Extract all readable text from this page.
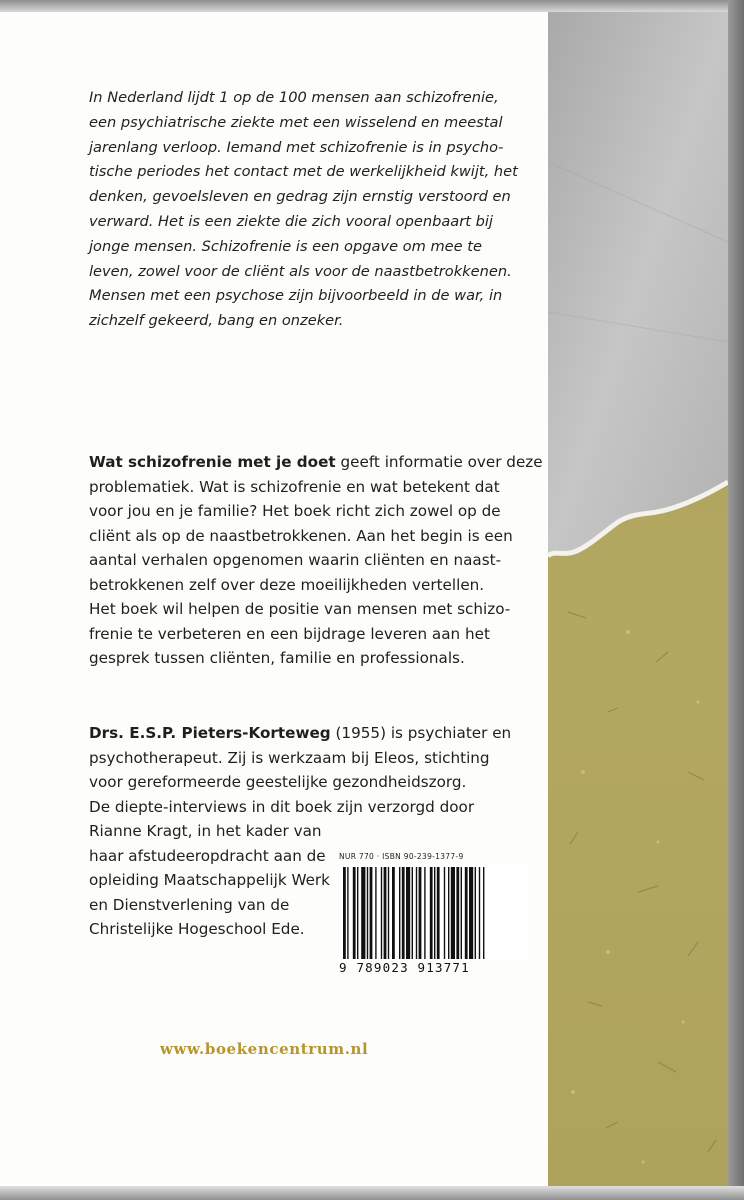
In Nederland lijdt 1 op de 100 mensen aan schizofrenie,
een psychiatrische ziekte met een wisselend en meestal
jarenlang verloop. Iemand met schizofrenie is in psycho-
tische periodes het contact met de werkelijkheid kwijt, het
denken, gevoelsleven en gedrag zijn ernstig verstoord en
verward. Het is een ziekte die zich vooral openbaart bij
jonge mensen. Schizofrenie is een opgave om mee te
leven, zowel voor de cliënt als voor de naastbetrokkenen.
Mensen met een psychose zijn bijvoorbeeld in de war, in
zichzelf gekeerd, bang en onzeker.
Wat schizofrenie met je doet geeft informatie over deze
problematiek. Wat is schizofrenie en wat betekent dat
voor jou en je familie? Het boek richt zich zowel op de
cliënt als op de naastbetrokkenen. Aan het begin is een
aantal verhalen opgenomen waarin cliënten en naast-
betrokkenen zelf over deze moeilijkheden vertellen.
Het boek wil helpen de positie van mensen met schizo-
frenie te verbeteren en een bijdrage leveren aan het
gesprek tussen cliënten, familie en professionals.
Drs. E.S.P. Pieters-Korteweg (1955) is psychiater en
psychotherapeut. Zij is werkzaam bij Eleos, stichting
voor gereformeerde geestelijke gezondheidszorg.
De diepte-interviews in dit boek zijn verzorgd door
Rianne Kragt, in het kader van
haar afstudeeropdracht aan de
opleiding Maatschappelijk Werk
en Dienstverlening van de
Christelijke Hogeschool Ede.
NUR 770 · ISBN 90-239-1377-9
9 789023 913771
www.boekencentrum.nl
